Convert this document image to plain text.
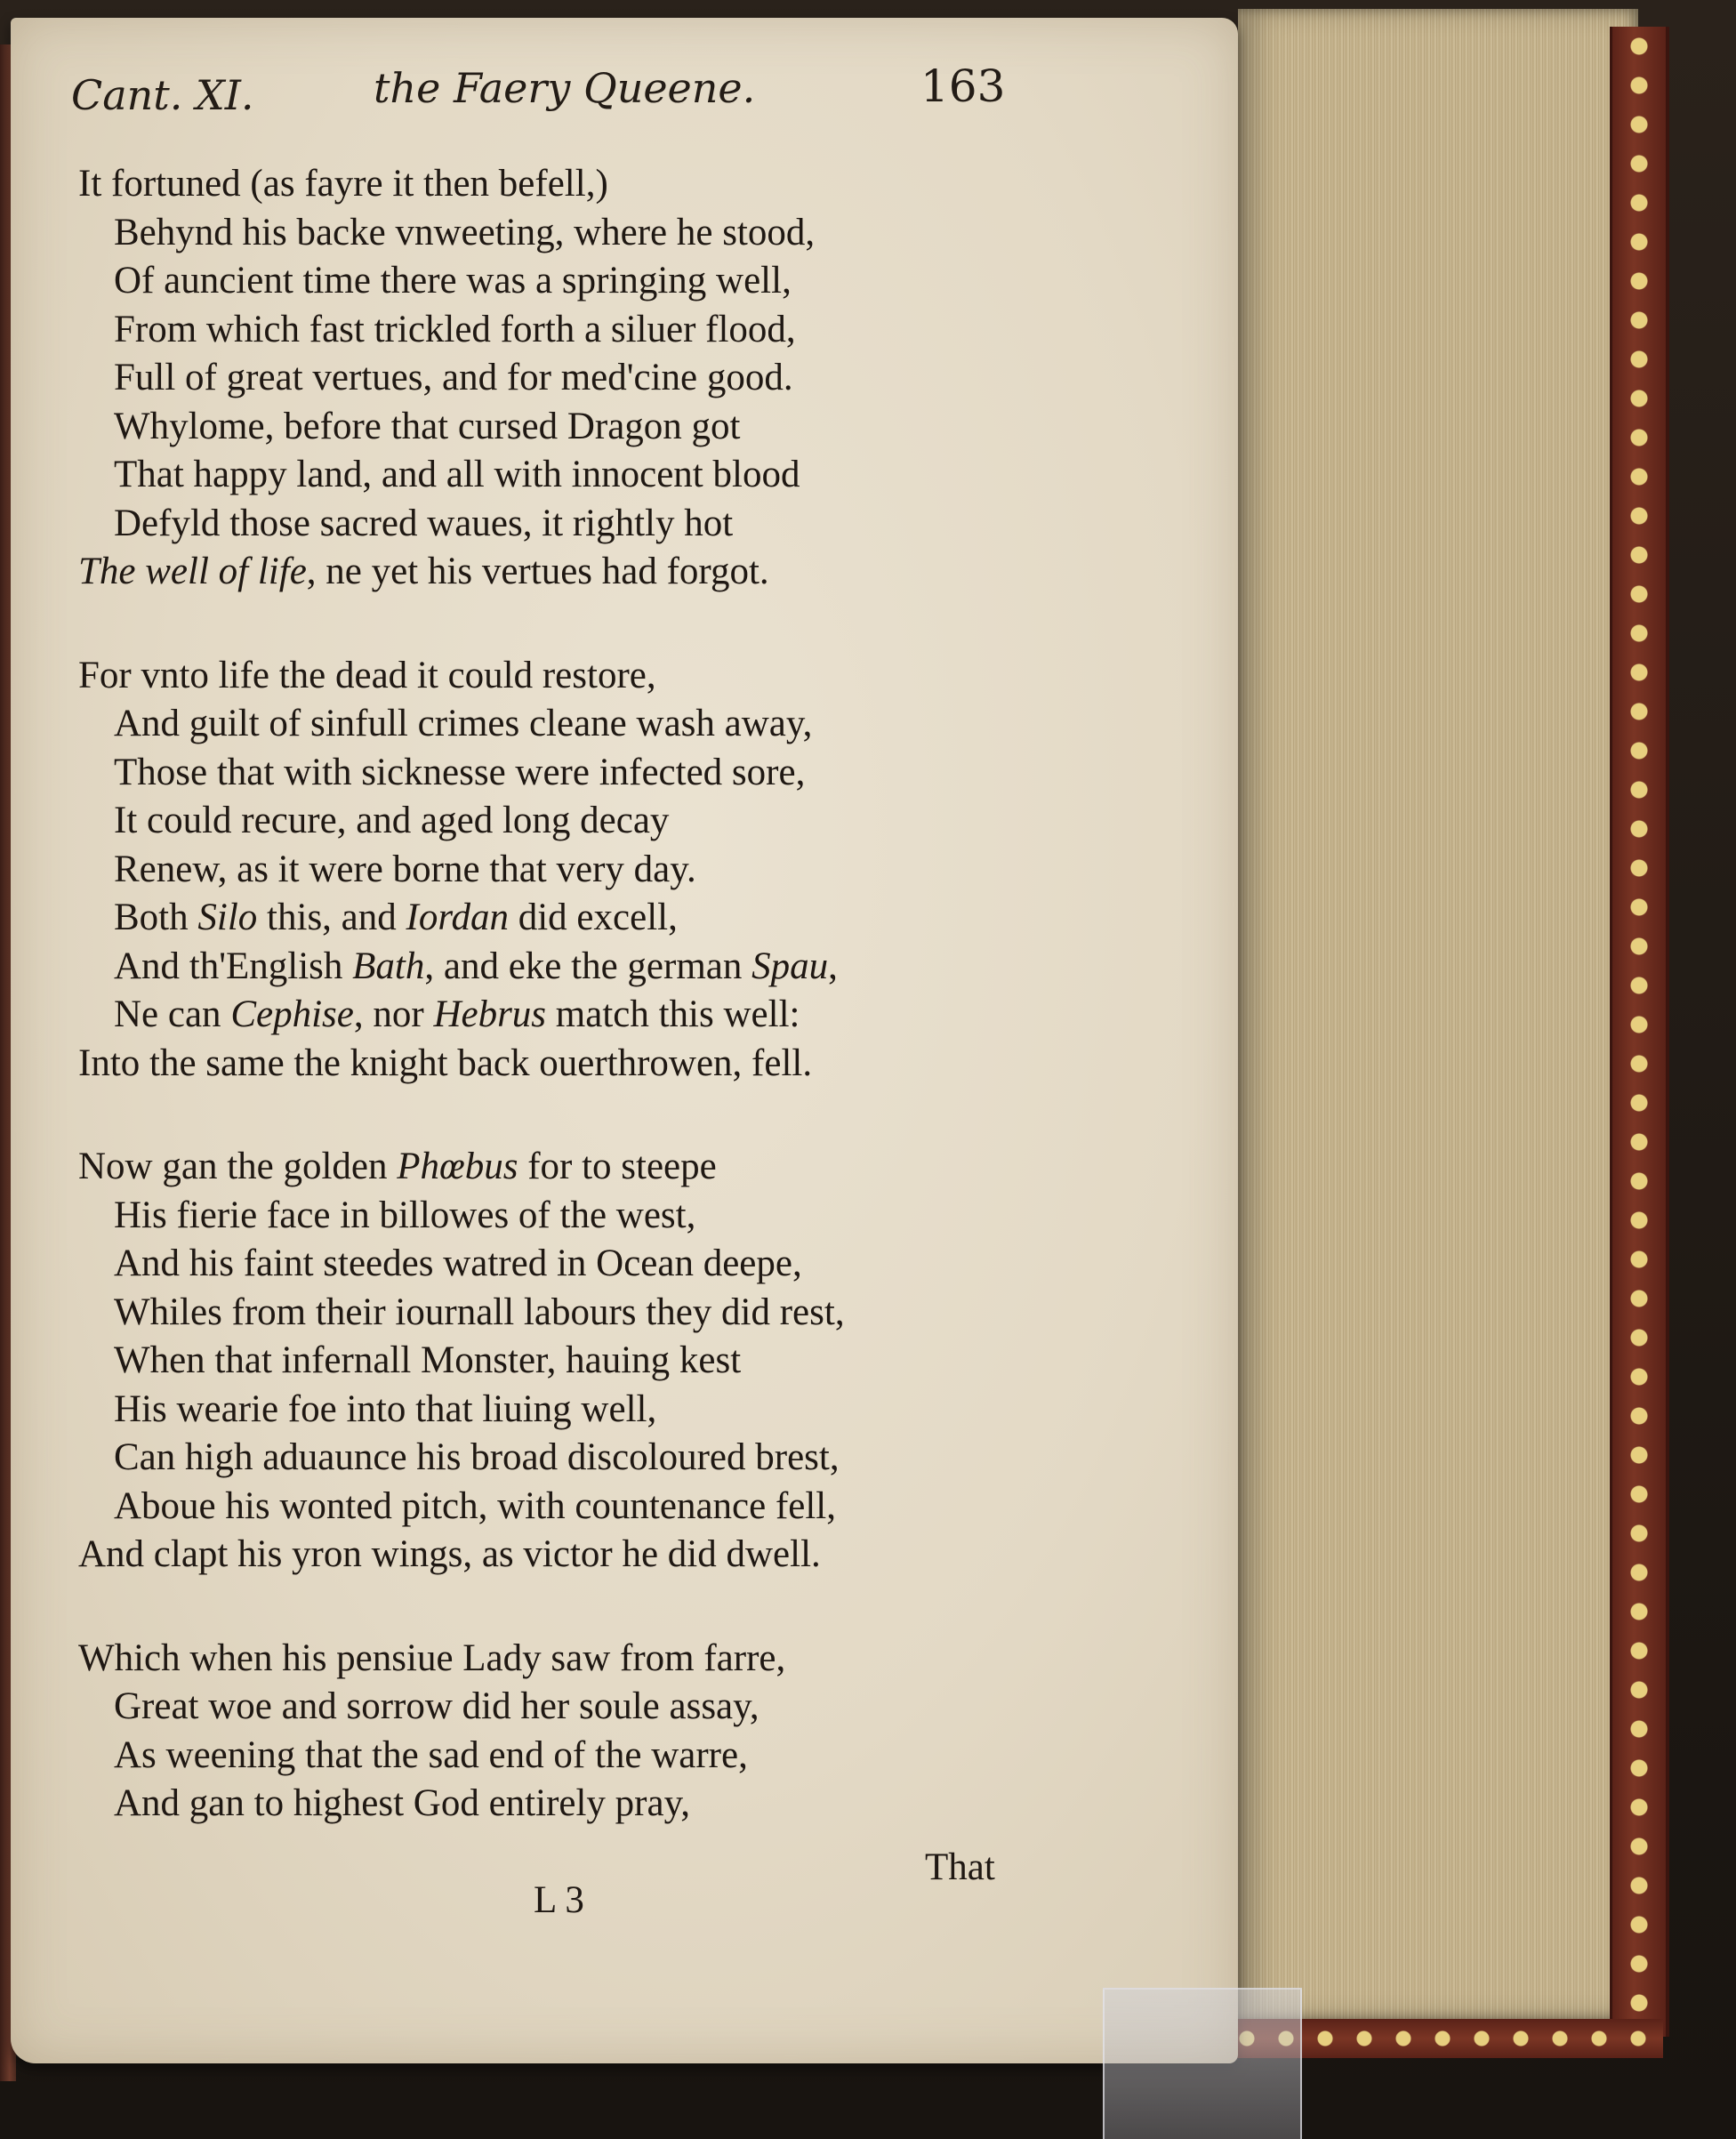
Cant. XI.	the Faery Queene.	163
It fortuned (as fayre it then befell,)
Behynd his backe vnweeting, where he stood,
Of auncient time there was a springing well,
From which fast trickled forth a siluer flood,
Full of great vertues, and for med'cine good.
Whylome, before that cursed Dragon got
That happy land, and all with innocent blood
Defyld those sacred waues, it rightly hot
The well of life, ne yet his vertues had forgot.
For vnto life the dead it could restore,
And guilt of sinfull crimes cleane wash away,
Those that with sicknesse were infected sore,
It could recure, and aged long decay
Renew, as it were borne that very day.
Both Silo this, and Iordan did excell,
And th'English Bath, and eke the german Spau,
Ne can Cephise, nor Hebrus match this well:
Into the same the knight back ouerthrowen, fell.
Now gan the golden Phœbus for to steepe
His fierie face in billowes of the west,
And his faint steedes watred in Ocean deepe,
Whiles from their iournall labours they did rest,
When that infernall Monster, hauing kest
His wearie foe into that liuing well,
Can high aduaunce his broad discoloured brest,
Aboue his wonted pitch, with countenance fell,
And clapt his yron wings, as victor he did dwell.
Which when his pensiue Lady saw from farre,
Great woe and sorrow did her soule assay,
As weening that the sad end of the warre,
And gan to highest God entirely pray,
L 3
That
